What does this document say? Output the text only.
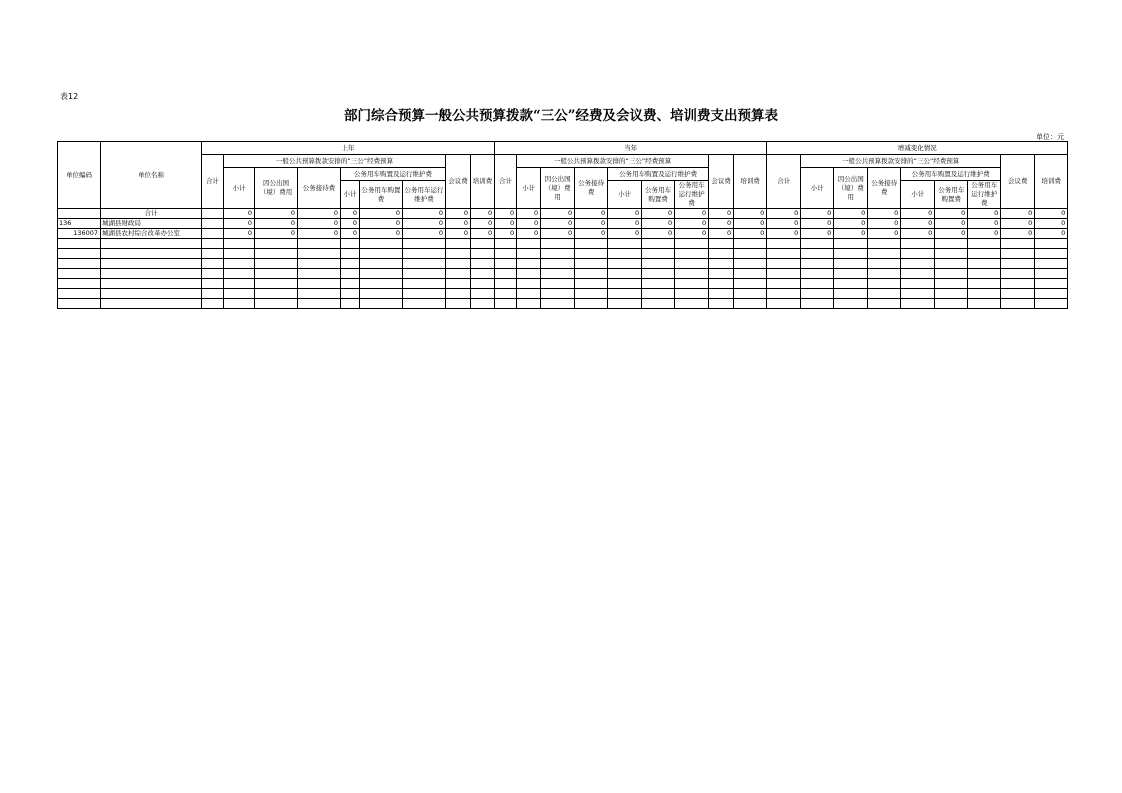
表12
部门综合预算一般公共预算拨款“三公”经费及会议费、培训费支出预算表
单位：元
单位编码	单位名称	上年									当年									增减变化情况								
		合计	一般公共预算拨款安排的“三公”经费预算						会议费	培训费	合计	一般公共预算拨款安排的“三公”经费预算						会议费	培训费	合计	一般公共预算拨款安排的“三公”经费预算						会议费	培训费
			小计	因公出国（境）费用	公务接待费	公务用车购置及运行维护费						小计	因公出国（境）费用	公务接待费	公务用车购置及运行维护费						小计	因公出国（境）费用	公务接待费	公务用车购置及运行维护费				
						小计	公务用车购置费	公务用车运行维护费							小计	公务用车购置费	公务用车运行维护费							小计	公务用车购置费	公务用车运行维护费		
	合计		0	0	0	0	0	0	0	0	0	0	0	0	0	0	0	0	0	0	0	0	0	0	0	0	0	0
136	城湖县财政局		0	0	0	0	0	0	0	0	0	0	0	0	0	0	0	0	0	0	0	0	0	0	0	0	0	0
136007	城湖县农村综合改革办公室		0	0	0	0	0	0	0	0	0	0	0	0	0	0	0	0	0	0	0	0	0	0	0	0	0	0
